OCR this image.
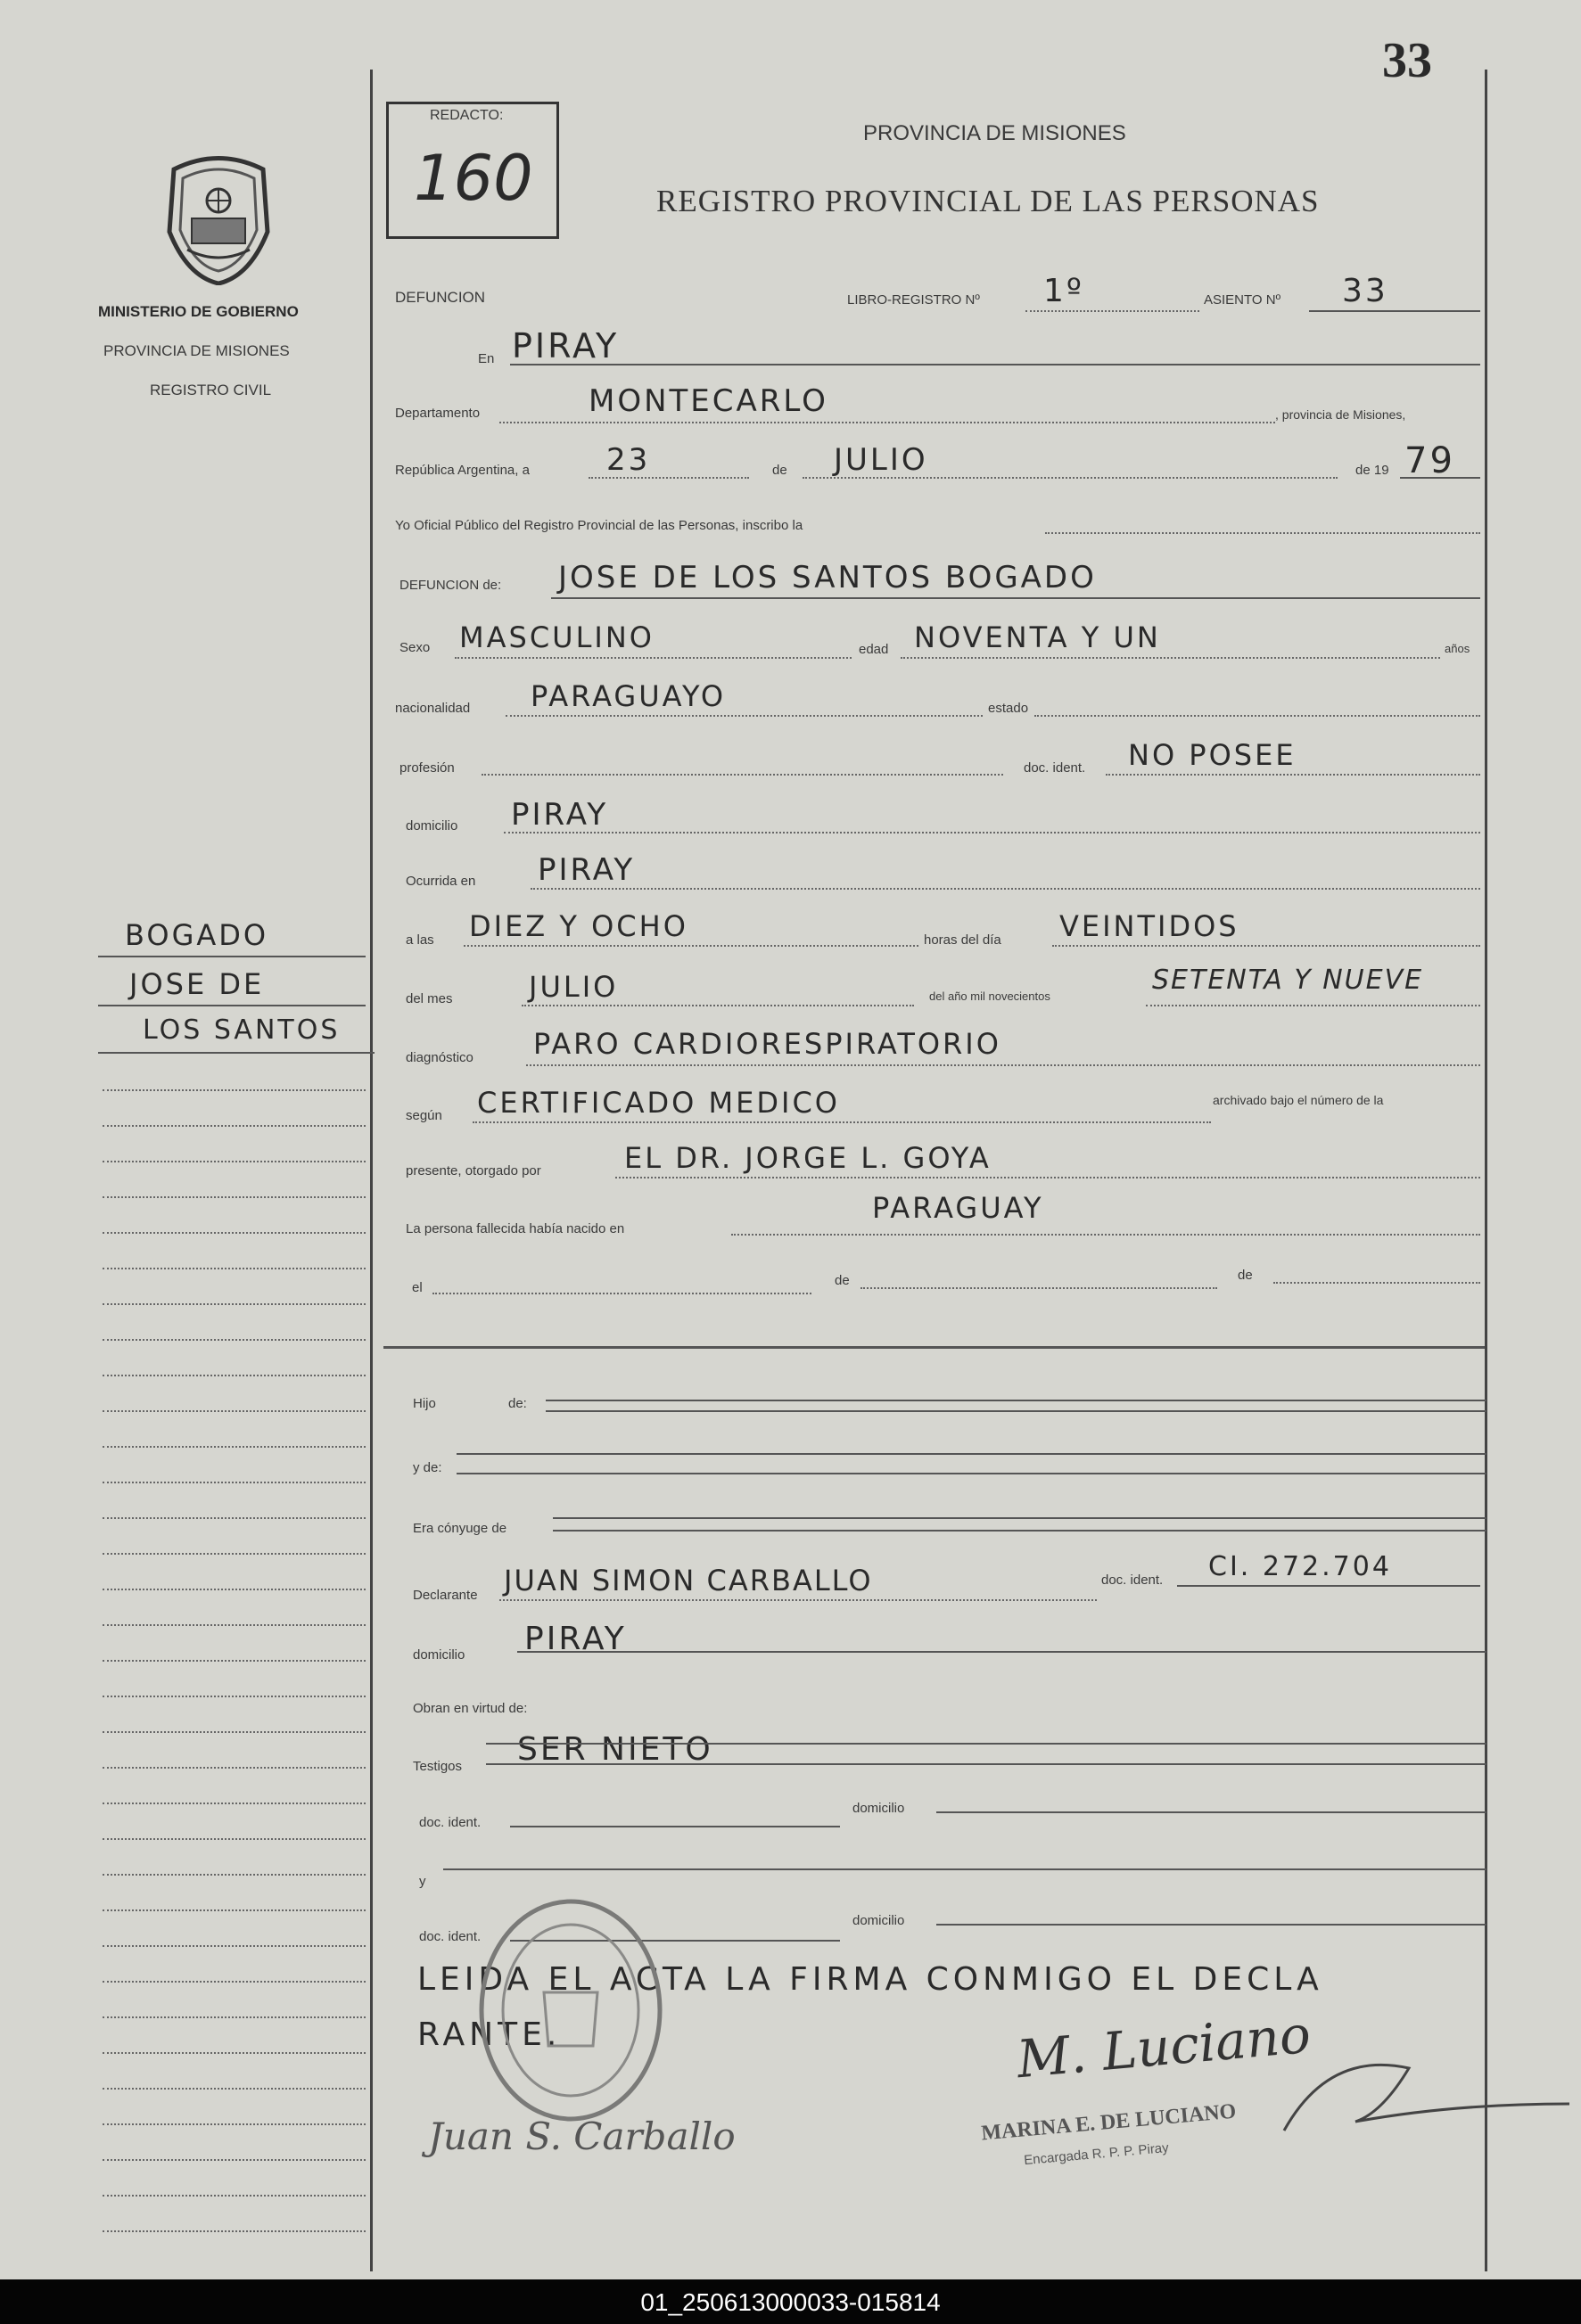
33
MINISTERIO DE GOBIERNO
PROVINCIA DE MISIONES
REGISTRO CIVIL
BOGADO
JOSE DE
LOS SANTOS
REDACTO:
160
PROVINCIA DE MISIONES
REGISTRO PROVINCIAL DE LAS PERSONAS
DEFUNCION	LIBRO-REGISTRO Nº 1º	ASIENTO Nº 33
En PIRAY
Departamento	MONTECARLO	, provincia de Misiones,
República Argentina, a	23	de JULIO	de 19 79
Yo Oficial Público del Registro Provincial de las Personas, inscribo la
DEFUNCION de: JOSE DE LOS SANTOS BOGADO
Sexo MASCULINO	edad NOVENTA Y UN	años
nacionalidad PARAGUAYO	estado
profesión	doc. ident. NO POSEE
domicilio PIRAY
Ocurrida en PIRAY
a las DIEZ Y OCHO	horas del día VEINTIDOS
del mes	JULIO	del año mil novecientos
SETENTA Y NUEVE
diagnóstico PARO CARDIORESPIRATORIO
según CERTIFICADO MEDICO	archivado bajo el número de la
presente, otorgado por	EL DR. JORGE L. GOYA
La persona fallecida había nacido en
PARAGUAY
el	de	de
Hijo	de:
y de:
Era cónyuge de
Declarante JUAN SIMON CARBALLO	doc. ident. CI. 272.704
domicilio PIRAY
Obran en virtud de:
Testigos SER NIETO
doc. ident.
domicilio
y
doc. ident.
domicilio
LEIDA EL ACTA LA FIRMA CONMIGO EL DECLA
RANTE.
Juan S. Carballo
M. Luciano
MARINA E. DE LUCIANO
Encargada R. P. P. Piray
01_250613000033-015814
